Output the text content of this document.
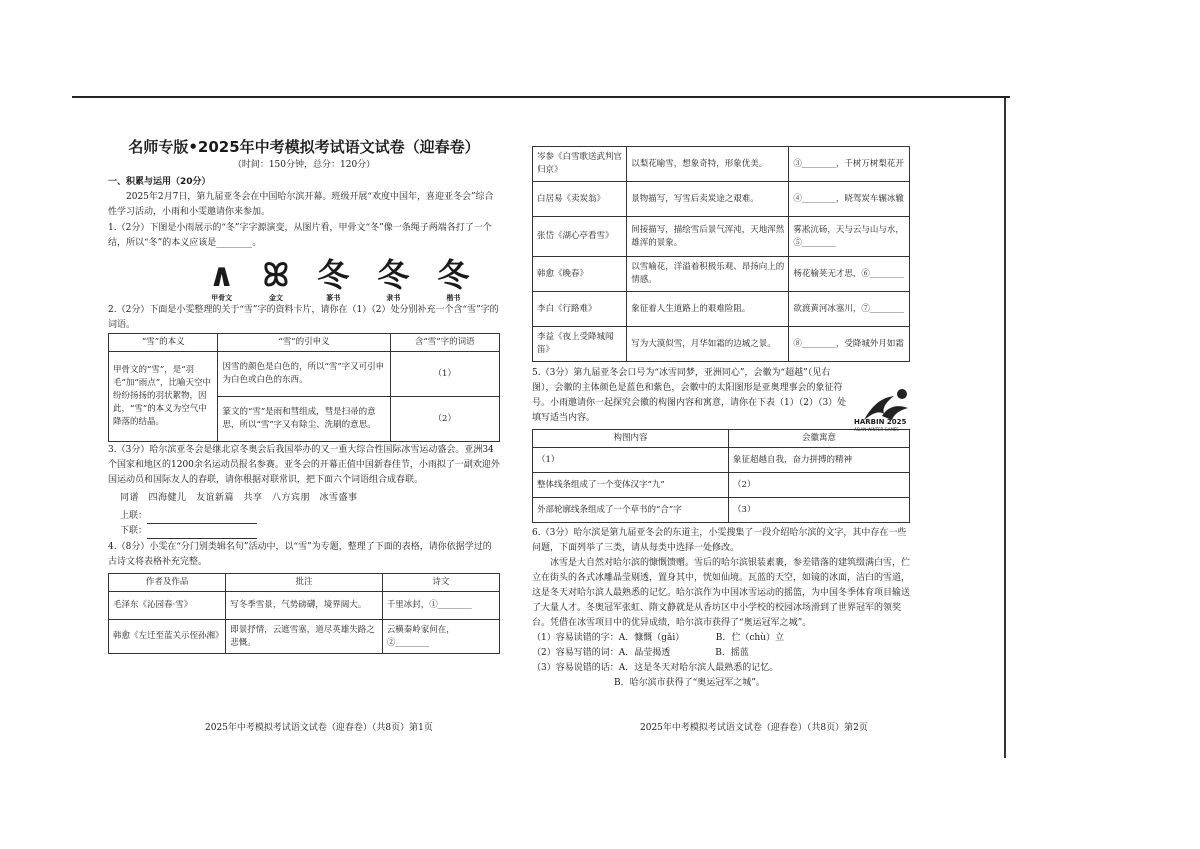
名师专版•2025年中考模拟考试语文试卷（迎春卷）
（时间：150分钟，总分：120分）
一、积累与运用（20分）
2025年2月7日，第九届亚冬会在中国哈尔滨开幕。班级开展“欢度中国年，喜迎亚冬会”综合性学习活动，小雨和小雯邀请你来参加。
1.（2分）下图是小雨展示的“冬”字字源演变，从图片看，甲骨文“冬”像一条绳子两端各打了一个结，所以“冬”的本义应该是________。
∧
甲骨文
ꕤ
金文
冬
篆书
冬
隶书
冬
楷书
2.（2分）下面是小雯整理的关于“雪”字的资料卡片，请你在（1）（2）处分别补充一个含“雪”字的词语。
“雪”的本义	“雪”的引申义	含“雪”字的词语
甲骨文的“雪”，是“羽毛”加“雨点”，比喻天空中纷纷扬扬的羽状絮物，因此，“雪”的本义为空气中降落的结晶。	因雪的颜色是白色的，所以“雪”字又可引申为白色或白色的东西。	（1）
	篆文的“雪”是雨和彗组成，彗是扫帚的意思，所以“雪”字又有除尘、洗刷的意思。	（2）
3.（3分）哈尔滨亚冬会是继北京冬奥会后我国举办的又一重大综合性国际冰雪运动盛会。亚洲34个国家和地区的1200余名运动员报名参赛。亚冬会的开幕正值中国新春佳节，小雨拟了一副欢迎外国运动员和国际友人的春联，请你根据对联常识，把下面六个词语组合成春联。
同谱　四海健儿　友谊新篇　共享　八方宾朋　冰雪盛事
上联：
下联：
4.（8分）小雯在“分门别类辑名句”活动中，以“雪”为专题，整理了下面的表格，请你依据学过的古诗文将表格补充完整。
作者及作品	批注	诗文
毛泽东《沁园春·雪》	写冬季雪景，气势磅礴，境界阔大。	千里冰封，①________
韩愈《左迁至蓝关示侄孙湘》	即景抒情，云遮雪塞，道尽英雄失路之悲慨。	云横秦岭家何在，②________
2025年中考模拟考试语文试卷（迎春卷）（共8页）第1页
岑参《白雪歌送武判官归京》	以梨花喻雪，想象奇特，形象优美。	③________，千树万树梨花开
白居易《卖炭翁》	景物描写，写雪后卖炭途之艰难。	④________，晓驾炭车辗冰辙
张岱《湖心亭看雪》	间接描写，描绘雪后景气浑沌，天地浑然雄浑的景象。	雾凇沆砀，天与云与山与水，⑤________
韩愈《晚春》	以雪喻花，洋溢着积极乐观、昂扬向上的情感。	杨花榆荚无才思，⑥________
李白《行路难》	象征着人生道路上的艰难险阻。	欲渡黄河冰塞川，⑦________
李益《夜上受降城闻笛》	写为大漠似雪，月华如霜的边城之景。	⑧________，受降城外月如霜
5.（3分）第九届亚冬会口号为“冰雪同梦，亚洲同心”，会徽为“超越”（见右图），会徽的主体颜色是蓝色和紫色，会徽中的太阳图形是亚奥理事会的象征符号。小雨邀请你一起探究会徽的构图内容和寓意，请你在下表（1）（2）（3）处填写适当内容。
构图内容	会徽寓意
（1）	象征超越自我，奋力拼搏的精神
整体线条组成了一个变体汉字“九”	（2）
外部轮廓线条组成了一个草书的“合”字	（3）
6.（3分）哈尔滨是第九届亚冬会的东道主，小雯搜集了一段介绍哈尔滨的文字，其中存在一些问题，下面列举了三类，请从每类中选择一处修改。
冰雪是大自然对哈尔滨的慷慨馈赠。雪后的哈尔滨银装素裹，参差错落的建筑缀满白雪，伫立在街头的各式冰雕晶莹剔透，置身其中，恍如仙境。瓦蓝的天空，如镜的冰面，洁白的雪道，这是冬天对哈尔滨人最熟悉的记忆。哈尔滨作为中国冰雪运动的摇篮，为中国冬季体育项目输送了大量人才。冬奥冠军张虹、隋文静就是从香坊区中小学校的校园冰场滑到了世界冠军的领奖台。凭借在冰雪项目中的优异成绩，哈尔滨市获得了“奥运冠军之城”。
（1）容易读错的字：A．慷慨（gǎi）　　　　B．伫（chù）立
（2）容易写错的词：A．晶莹揭透　　　　　B．摇蓝
（3）容易说错的话：A．这是冬天对哈尔滨人最熟悉的记忆。
B．哈尔滨市获得了“奥运冠军之城”。
HARBIN 2025
ASIAN WINTER GAMES
2025年中考模拟考试语文试卷（迎春卷）（共8页）第2页
